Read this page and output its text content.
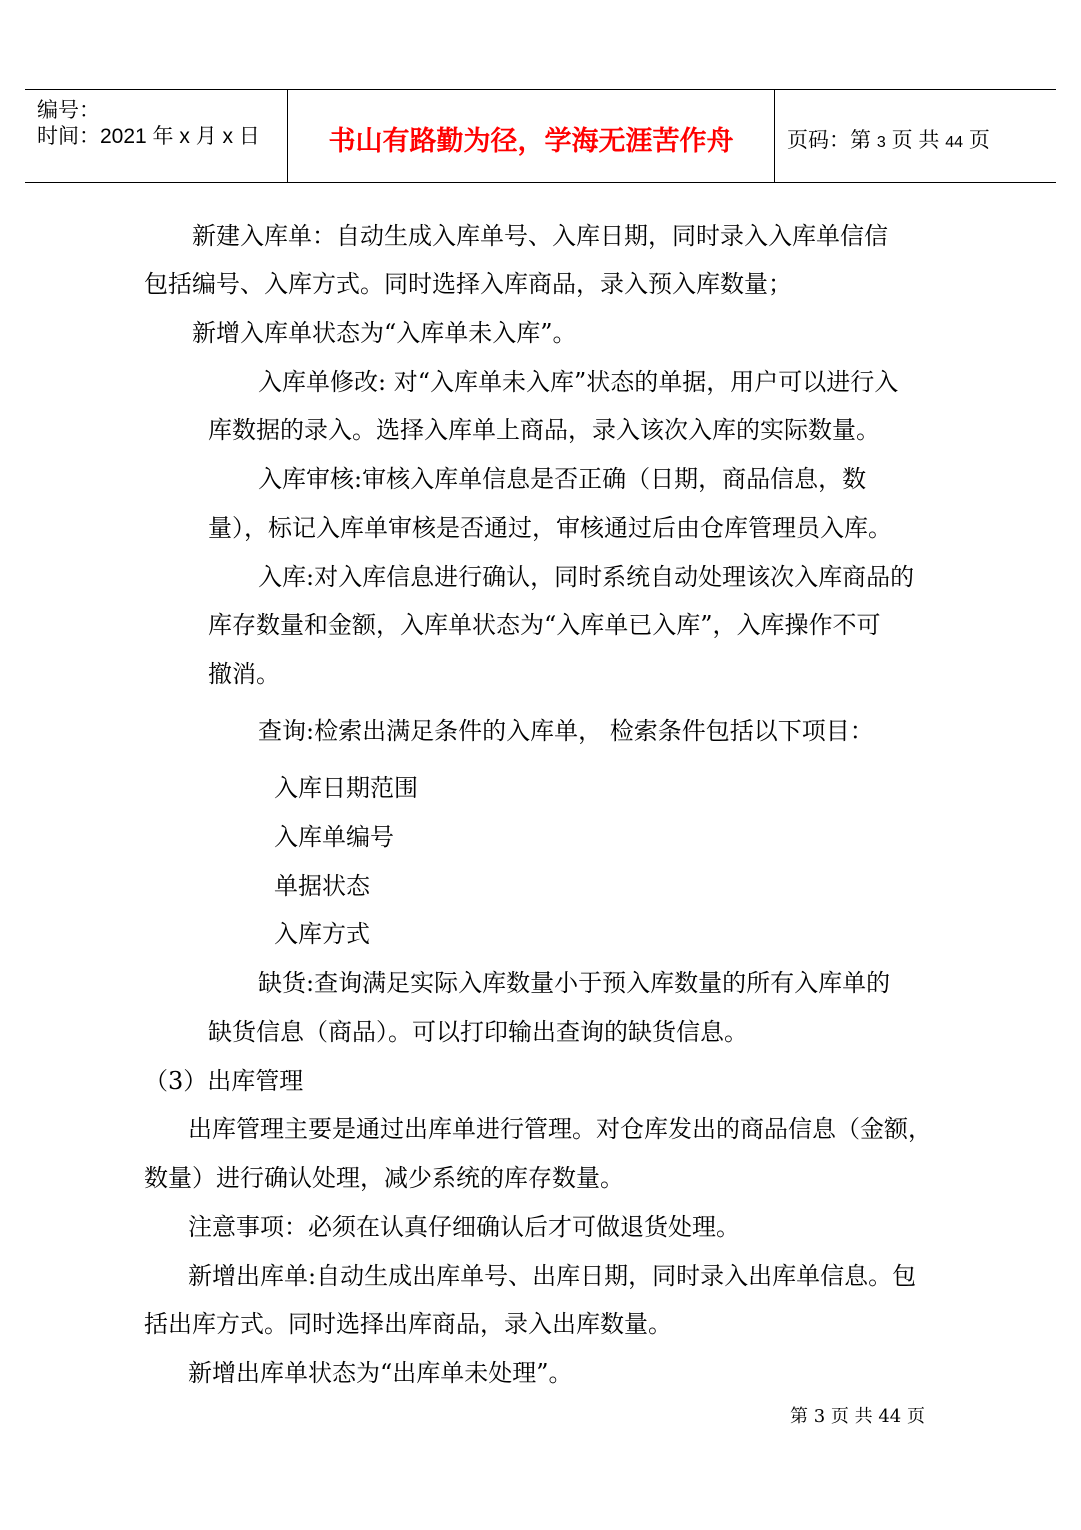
编号：
时间：2021 年 x 月 x 日	书山有路勤为径，学海无涯苦作舟	页码：第 3 页 共 44 页
新建入库单：自动生成入库单号、入库日期，同时录入入库单信信
包括编号、入库方式。同时选择入库商品，录入预入库数量；
新增入库单状态为“入库单未入库”。
入库单修改: 对“入库单未入库”状态的单据，用户可以进行入
库数据的录入。选择入库单上商品，录入该次入库的实际数量。
入库审核:审核入库单信息是否正确（日期，商品信息，数
量），标记入库单审核是否通过，审核通过后由仓库管理员入库。
入库:对入库信息进行确认，同时系统自动处理该次入库商品的
库存数量和金额，入库单状态为“入库单已入库”，入库操作不可
撤消。
查询:检索出满足条件的入库单， 检索条件包括以下项目：
入库日期范围
入库单编号
单据状态
入库方式
缺货:查询满足实际入库数量小于预入库数量的所有入库单的
缺货信息（商品）。可以打印输出查询的缺货信息。
（3）出库管理
出库管理主要是通过出库单进行管理。对仓库发出的商品信息（金额，
数量）进行确认处理，减少系统的库存数量。
注意事项：必须在认真仔细确认后才可做退货处理。
新增出库单:自动生成出库单号、出库日期，同时录入出库单信息。包
括出库方式。同时选择出库商品，录入出库数量。
新增出库单状态为“出库单未处理”。
第 3 页 共 44 页
